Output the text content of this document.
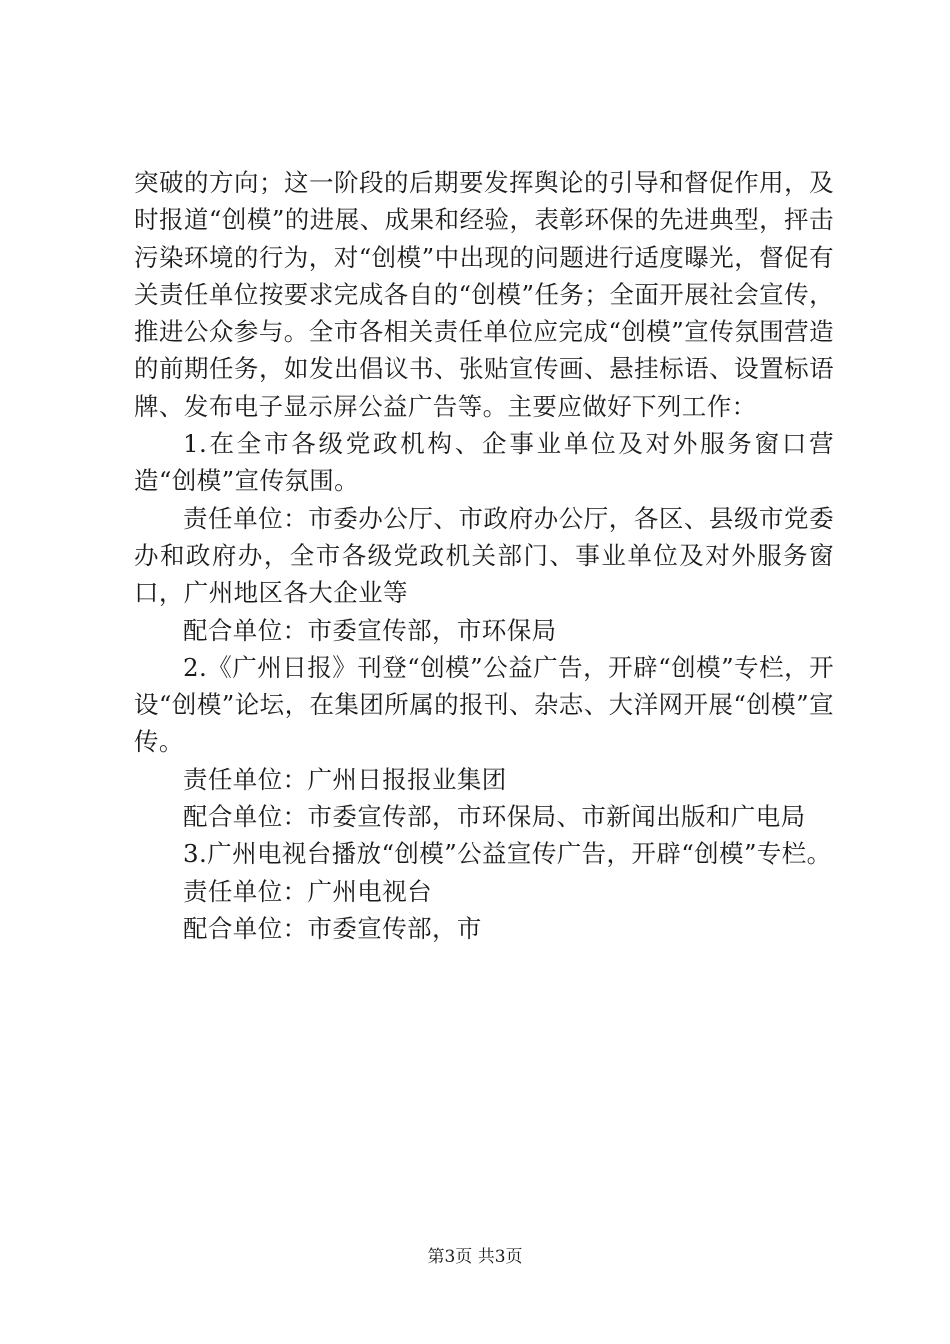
突破的方向；这一阶段的后期要发挥舆论的引导和督促作用，及时报道“创模”的进展、成果和经验，表彰环保的先进典型，抨击污染环境的行为，对“创模”中出现的问题进行适度曝光，督促有关责任单位按要求完成各自的“创模”任务；全面开展社会宣传，推进公众参与。全市各相关责任单位应完成“创模”宣传氛围营造的前期任务，如发出倡议书、张贴宣传画、悬挂标语、设置标语牌、发布电子显示屏公益广告等。主要应做好下列工作：

1.在全市各级党政机构、企事业单位及对外服务窗口营造“创模”宣传氛围。

责任单位：市委办公厅、市政府办公厅，各区、县级市党委办和政府办，全市各级党政机关部门、事业单位及对外服务窗口，广州地区各大企业等

配合单位：市委宣传部，市环保局

2.《广州日报》刊登“创模”公益广告，开辟“创模”专栏，开设“创模”论坛，在集团所属的报刊、杂志、大洋网开展“创模”宣传。

责任单位：广州日报报业集团

配合单位：市委宣传部，市环保局、市新闻出版和广电局

3.广州电视台播放“创模”公益宣传广告，开辟“创模”专栏。

责任单位：广州电视台

配合单位：市委宣传部，市

第3页 共3页
